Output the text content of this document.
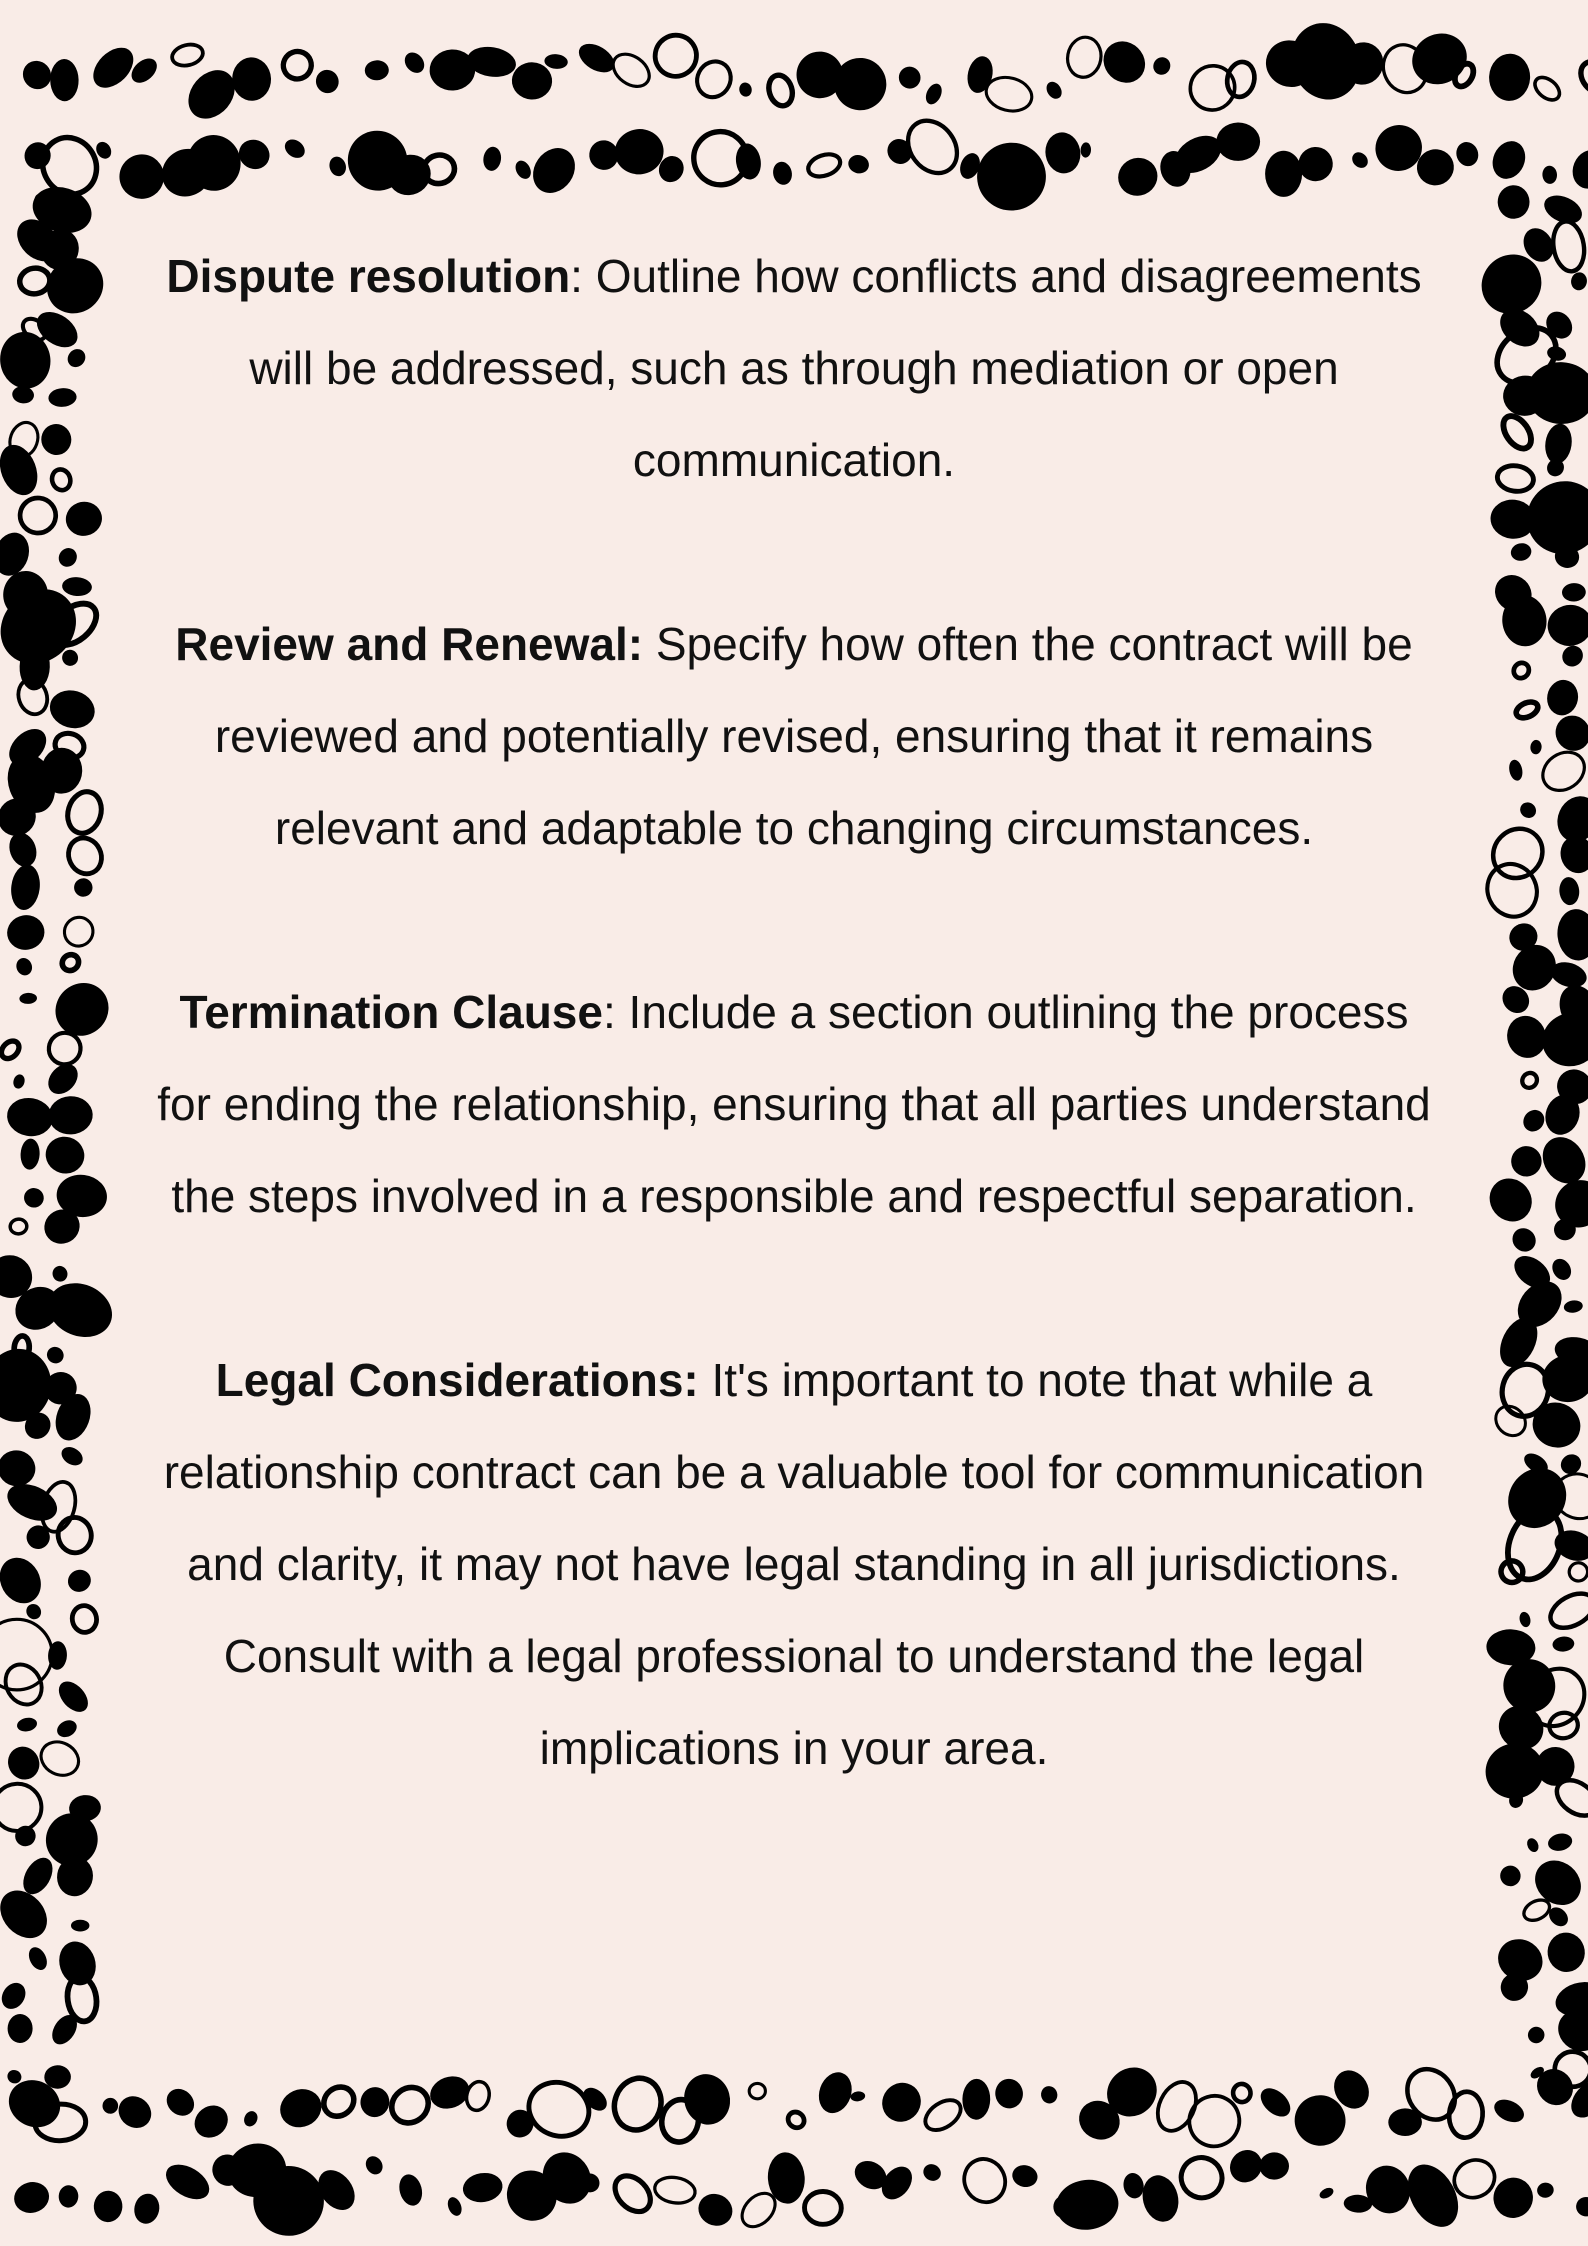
Dispute resolution: Outline how conflicts and disagreements will be addressed, such as through mediation or open communication.

Review and Renewal: Specify how often the contract will be reviewed and potentially revised, ensuring that it remains relevant and adaptable to changing circumstances.

Termination Clause: Include a section outlining the process for ending the relationship, ensuring that all parties understand the steps involved in a responsible and respectful separation.

Legal Considerations: It's important to note that while a relationship contract can be a valuable tool for communication and clarity, it may not have legal standing in all jurisdictions. Consult with a legal professional to understand the legal implications in your area.
